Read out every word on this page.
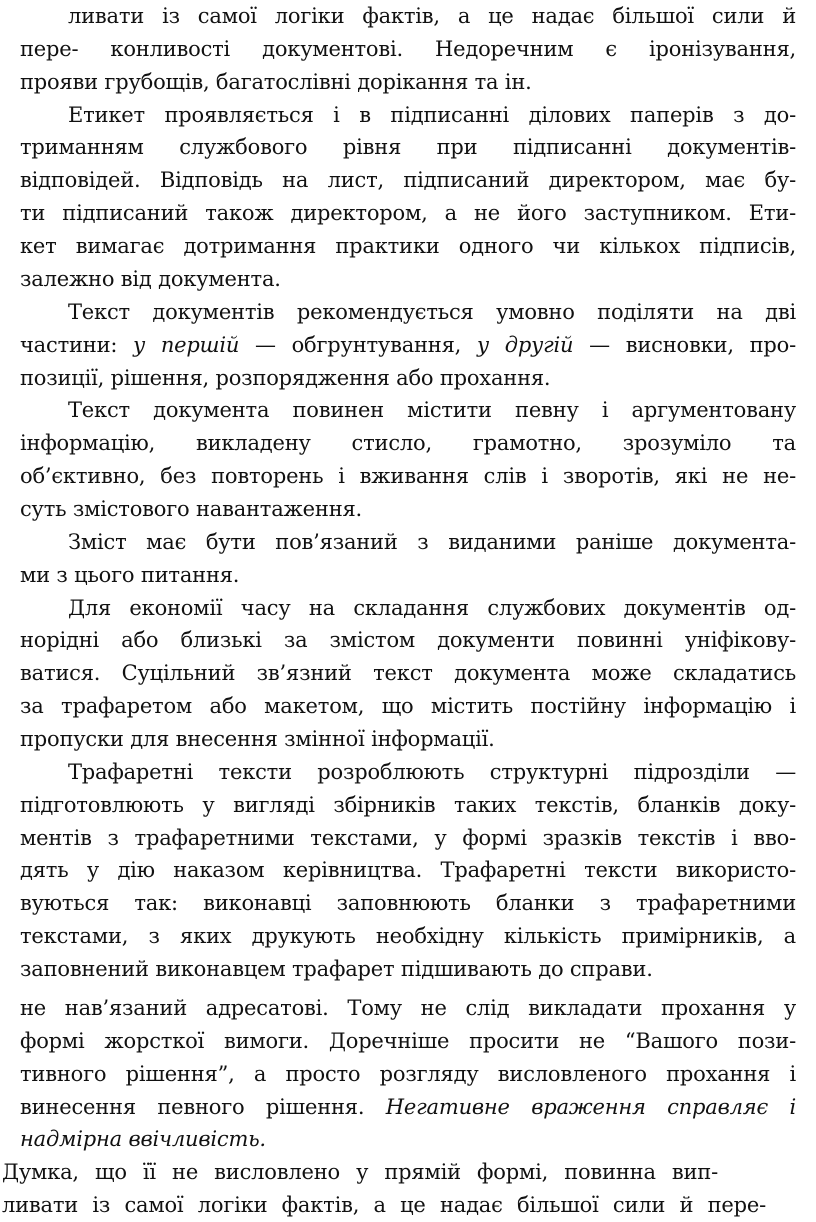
ливати із самої логіки фактів, а це надає більшої сили й
пере- конливості документові. Недоречним є іронізування,
прояви грубощів, багатослівні дорікання та ін.
Етикет проявляється і в підписанні ділових паперів з до-
триманням службового рівня при підписанні документів-
відповідей. Відповідь на лист, підписаний директором, має бу-
ти підписаний також директором, а не його заступником. Ети-
кет вимагає дотримання практики одного чи кількох підписів,
залежно від документа.
Текст документів рекомендується умовно поділяти на дві
частини: у першій — обгрунтування, у другій — висновки, про-
позиції, рішення, розпорядження або прохання.
Текст документа повинен містити певну і аргументовану
інформацію, викладену стисло, грамотно, зрозуміло та
об’єктивно, без повторень і вживання слів і зворотів, які не не-
суть змістового навантаження.
Зміст має бути пов’язаний з виданими раніше документа-
ми з цього питання.
Для економії часу на складання службових документів од-
норідні або близькі за змістом документи повинні уніфікову-
ватися. Суцільний зв’язний текст документа може складатись
за трафаретом або макетом, що містить постійну інформацію і
пропуски для внесення змінної інформації.
Трафаретні тексти розроблюють структурні підрозділи —
підготовлюють у вигляді збірників таких текстів, бланків доку-
ментів з трафаретними текстами, у формі зразків текстів і вво-
дять у дію наказом керівництва. Трафаретні тексти використо-
вуються так: виконавці заповнюють бланки з трафаретними
текстами, з яких друкують необхідну кількість примірників, а
заповнений виконавцем трафарет підшивають до справи.
не нав’язаний адресатові. Тому не слід викладати прохання у
формі жорсткої вимоги. Доречніше просити не “Вашого пози-
тивного рішення”, а просто розгляду висловленого прохання і
винесення певного рішення. Негативне враження справляє і
надмірна ввічливість.
Думка, що її не висловлено у прямій формі, повинна вип-
ливати із самої логіки фактів, а це надає більшої сили й пере-
